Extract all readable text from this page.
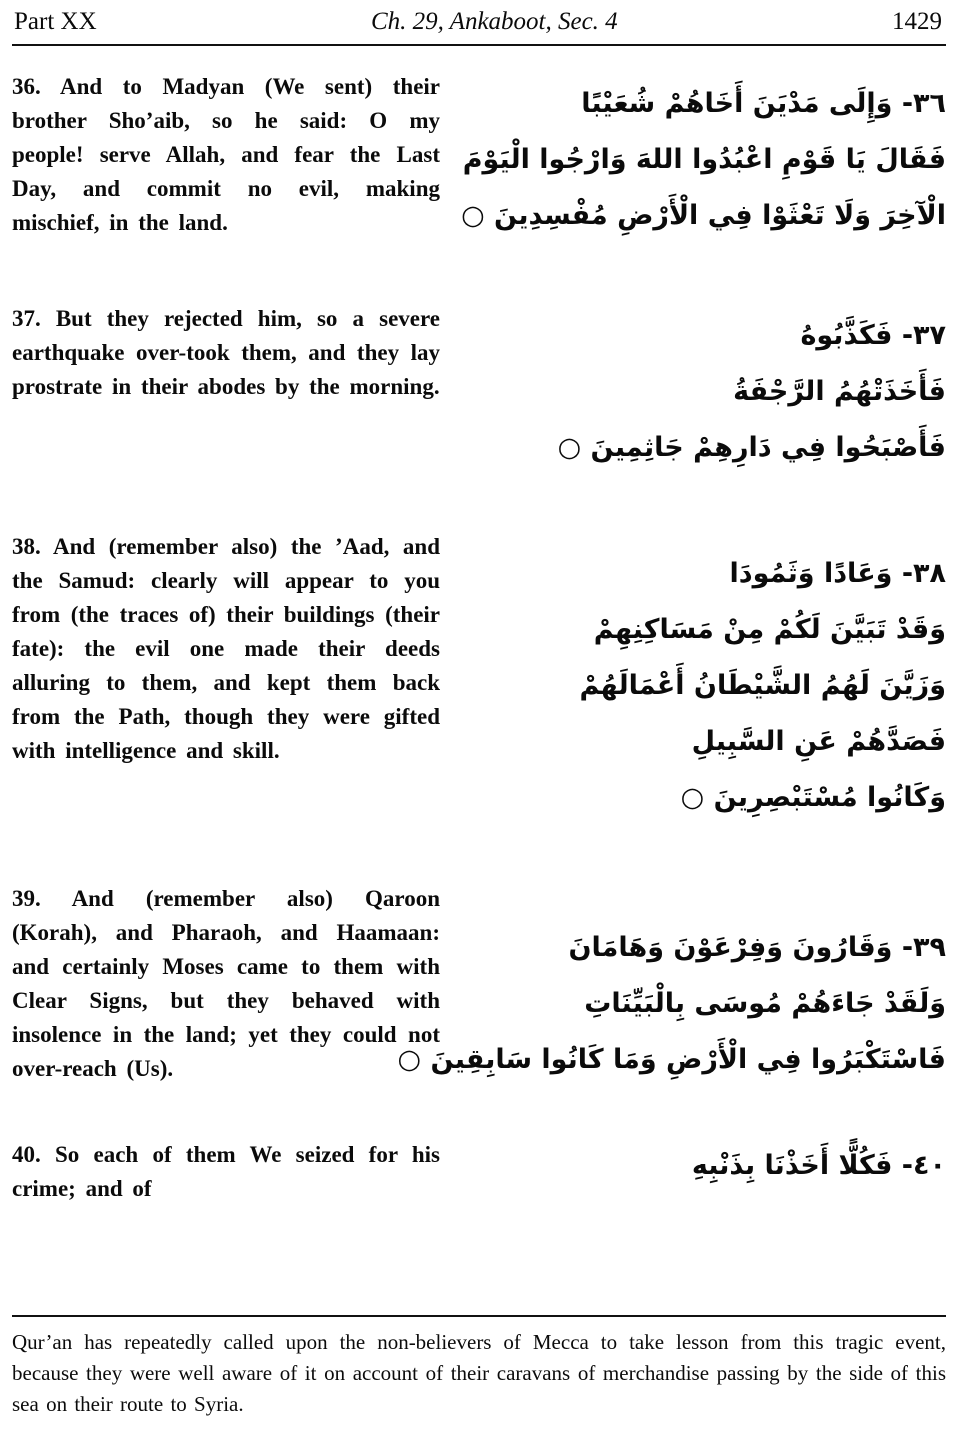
Part XX	Ch. 29, Ankaboot, Sec. 4	1429

36. And to Madyan (We sent) their brother Sho’aib, so he said: O my people! serve Allah, and fear the Last Day, and commit no evil, making mischief, in the land.

٣٦- وَإِلَى مَدْيَنَ أَخَاهُمْ شُعَيْبًا
فَقَالَ يَا قَوْمِ اعْبُدُوا اللهَ وَارْجُوا الْيَوْمَ
الْآخِرَ وَلَا تَعْثَوْا فِي الْأَرْضِ مُفْسِدِينَ ○

37. But they rejected him, so a severe earthquake over-took them, and they lay prostrate in their abodes by the morning.

٣٧- فَكَذَّبُوهُ
فَأَخَذَتْهُمُ الرَّجْفَةُ
فَأَصْبَحُوا فِي دَارِهِمْ جَاثِمِينَ ○

38. And (remember also) the ’Aad, and the Samud: clearly will appear to you from (the traces of) their buildings (their fate): the evil one made their deeds alluring to them, and kept them back from the Path, though they were gifted with intelligence and skill.

٣٨- وَعَادًا وَثَمُودَا
وَقَدْ تَبَيَّنَ لَكُمْ مِنْ مَسَاكِنِهِمْ
وَزَيَّنَ لَهُمُ الشَّيْطَانُ أَعْمَالَهُمْ
فَصَدَّهُمْ عَنِ السَّبِيلِ
وَكَانُوا مُسْتَبْصِرِينَ ○

39. And (remember also) Qaroon (Korah), and Pharaoh, and Haamaan: and certainly Moses came to them with Clear Signs, but they behaved with insolence in the land; yet they could not over-reach (Us).

٣٩- وَقَارُونَ وَفِرْعَوْنَ وَهَامَانَ
وَلَقَدْ جَاءَهُمْ مُوسَى بِالْبَيِّنَاتِ
فَاسْتَكْبَرُوا فِي الْأَرْضِ وَمَا كَانُوا سَابِقِينَ ○

40. So each of them We seized for his crime; and of

٤٠- فَكُلًّا أَخَذْنَا بِذَنْبِهِ

Qur’an has repeatedly called upon the non-believers of Mecca to take lesson from this tragic event, because they were well aware of it on account of their caravans of merchandise passing by the side of this sea on their route to Syria.
